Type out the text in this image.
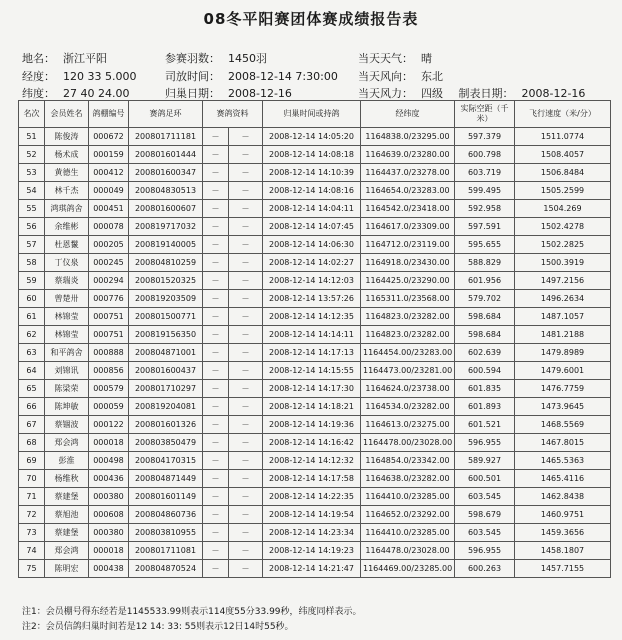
08冬平阳赛团体赛成绩报告表
地名： 浙江平阳	参赛羽数： 1450羽	当天天气： 晴
经度： 120 33 5.000	司放时间： 2008-12-14 7:30:00 当天风向： 东北
纬度： 27 40 24.00	归巢日期： 2008-12-16	当天风力： 四级 制表日期： 2008-12-16
名次	会员姓名	鸽棚编号	赛鸽足环	赛鸽资料		归巢时间或持鸽	经纬度	实际空距（千米）	飞行速度（米/分）
51	陈俊涛	000672	200801711181	－	－	2008-12-14 14:05:20	1164838.0/23295.00	597.379	1511.0774
52	杨术成	000159	200801601444	－	－	2008-12-14 14:08:18	1164639.0/23280.00	600.798	1508.4057
53	黄德生	000412	200801600347	－	－	2008-12-14 14:10:39	1164437.0/23278.00	603.719	1506.8484
54	林千杰	000049	200804830513	－	－	2008-12-14 14:08:16	1164654.0/23283.00	599.495	1505.2599
55	鸿琪鸽舍	000451	200801600607	－	－	2008-12-14 14:04:11	1164542.0/23418.00	592.958	1504.269
56	余维彬	000078	200819717032	－	－	2008-12-14 14:07:45	1164617.0/23309.00	597.591	1502.4278
57	杜恩鬣	000205	200819140005	－	－	2008-12-14 14:06:30	1164712.0/23119.00	595.655	1502.2825
58	丁仪泉	000245	200804810259	－	－	2008-12-14 14:02:27	1164918.0/23430.00	588.829	1500.3919
59	蔡瑞炎	000294	200801520325	－	－	2008-12-14 14:12:03	1164425.0/23290.00	601.956	1497.2156
60	曾楚卅	000776	200819203509	－	－	2008-12-14 13:57:26	1165311.0/23568.00	579.702	1496.2634
61	林锦莹	000751	200801500771	－	－	2008-12-14 14:12:35	1164823.0/23282.00	598.684	1487.1057
62	林锦莹	000751	200819156350	－	－	2008-12-14 14:14:11	1164823.0/23282.00	598.684	1481.2188
63	和平鸽舍	000888	200804871001	－	－	2008-12-14 14:17:13	1164454.00/23283.00	602.639	1479.8989
64	刘锦讯	000856	200801600437	－	－	2008-12-14 14:15:55	1164473.00/23281.00	600.594	1479.6001
65	陈梁荣	000579	200801710297	－	－	2008-12-14 14:17:30	1164624.0/23738.00	601.835	1476.7759
66	陈坤敏	000059	200819204081	－	－	2008-12-14 14:18:21	1164534.0/23282.00	601.893	1473.9645
67	蔡锢波	000122	200801601326	－	－	2008-12-14 14:19:36	1164613.0/23275.00	601.521	1468.5569
68	郑会鸿	000018	200803850479	－	－	2008-12-14 14:16:42	1164478.00/23028.00	596.955	1467.8015
69	彭淮	000498	200804170315	－	－	2008-12-14 14:12:32	1164854.0/23342.00	589.927	1465.5363
70	杨维秋	000436	200804871449	－	－	2008-12-14 14:17:58	1164638.0/23282.00	600.501	1465.4116
71	蔡建堡	000380	200801601149	－	－	2008-12-14 14:22:35	1164410.0/23285.00	603.545	1462.8438
72	蔡旭池	000608	200804860736	－	－	2008-12-14 14:19:54	1164652.0/23292.00	598.679	1460.9751
73	蔡建堡	000380	200803810955	－	－	2008-12-14 14:23:34	1164410.0/23285.00	603.545	1459.3656
74	郑会鸿	000018	200801711081	－	－	2008-12-14 14:19:23	1164478.0/23028.00	596.955	1458.1807
75	陈明宏	000438	200804870524	－	－	2008-12-14 14:21:47	1164469.00/23285.00	600.263	1457.7155
注1：会员棚号得东经若是1145533.99则表示114度55分33.99秒，纬度同样表示。
注2：会员信鸽归巢时间若是12 14: 33: 55则表示12日14时55秒。
